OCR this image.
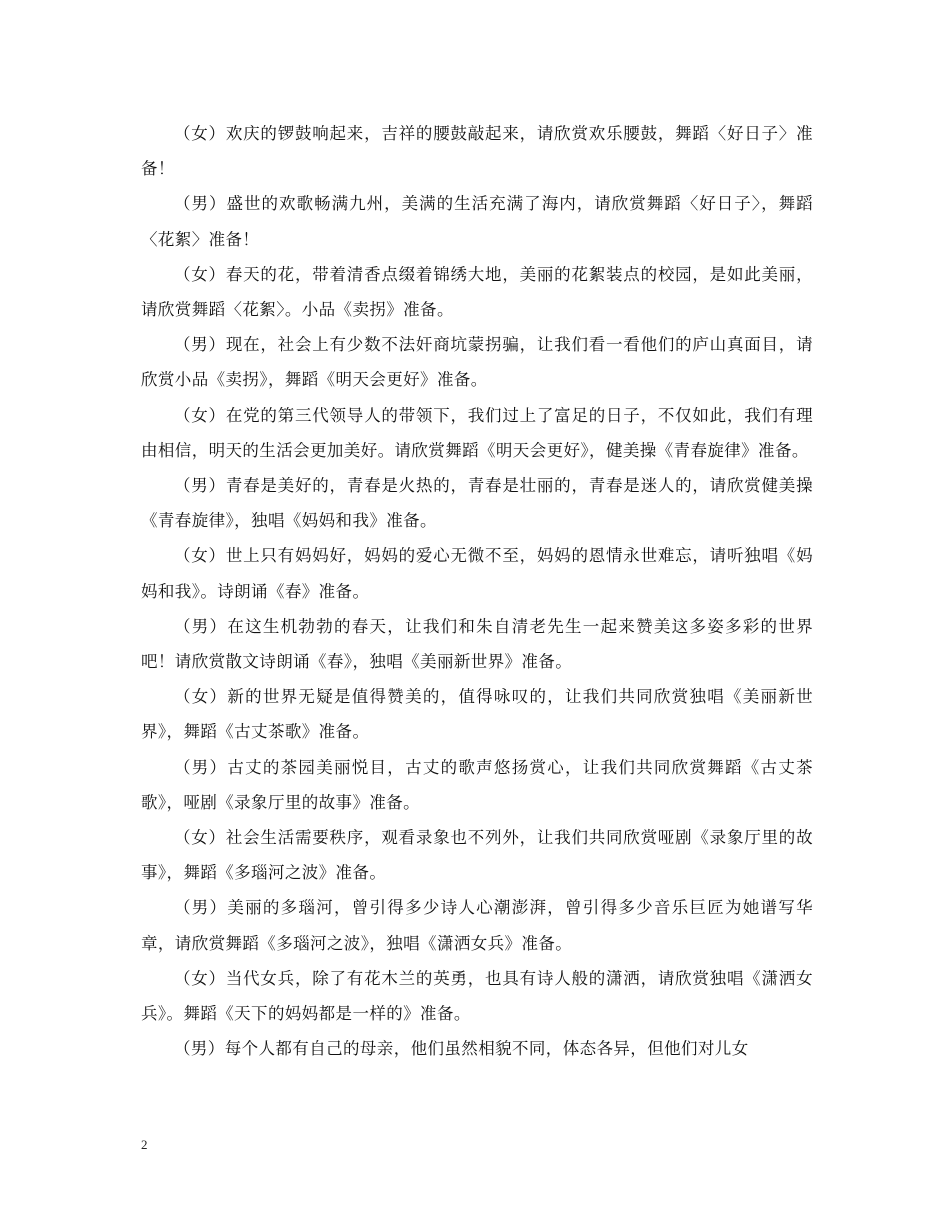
（女）欢庆的锣鼓响起来，吉祥的腰鼓敲起来，请欣赏欢乐腰鼓，舞蹈〈好日子〉准备！

（男）盛世的欢歌畅满九州，美满的生活充满了海内，请欣赏舞蹈〈好日子〉，舞蹈〈花絮〉准备！

（女）春天的花，带着清香点缀着锦绣大地，美丽的花絮装点的校园，是如此美丽，请欣赏舞蹈〈花絮〉。小品《卖拐》准备。

（男）现在，社会上有少数不法奸商坑蒙拐骗，让我们看一看他们的庐山真面目，请欣赏小品《卖拐》，舞蹈《明天会更好》准备。

（女）在党的第三代领导人的带领下，我们过上了富足的日子，不仅如此，我们有理由相信，明天的生活会更加美好。请欣赏舞蹈《明天会更好》，健美操《青春旋律》准备。

（男）青春是美好的，青春是火热的，青春是壮丽的，青春是迷人的，请欣赏健美操《青春旋律》，独唱《妈妈和我》准备。

（女）世上只有妈妈好，妈妈的爱心无微不至，妈妈的恩情永世难忘，请听独唱《妈妈和我》。诗朗诵《春》准备。

（男）在这生机勃勃的春天，让我们和朱自清老先生一起来赞美这多姿多彩的世界吧！请欣赏散文诗朗诵《春》，独唱《美丽新世界》准备。

（女）新的世界无疑是值得赞美的，值得咏叹的，让我们共同欣赏独唱《美丽新世界》，舞蹈《古丈茶歌》准备。

（男）古丈的茶园美丽悦目，古丈的歌声悠扬赏心，让我们共同欣赏舞蹈《古丈茶歌》，哑剧《录象厅里的故事》准备。

（女）社会生活需要秩序，观看录象也不列外，让我们共同欣赏哑剧《录象厅里的故事》，舞蹈《多瑙河之波》准备。

（男）美丽的多瑙河，曾引得多少诗人心潮澎湃，曾引得多少音乐巨匠为她谱写华章，请欣赏舞蹈《多瑙河之波》，独唱《潇洒女兵》准备。

（女）当代女兵，除了有花木兰的英勇，也具有诗人般的潇洒，请欣赏独唱《潇洒女兵》。舞蹈《天下的妈妈都是一样的》准备。

（男）每个人都有自己的母亲，他们虽然相貌不同，体态各异，但他们对儿女

2
